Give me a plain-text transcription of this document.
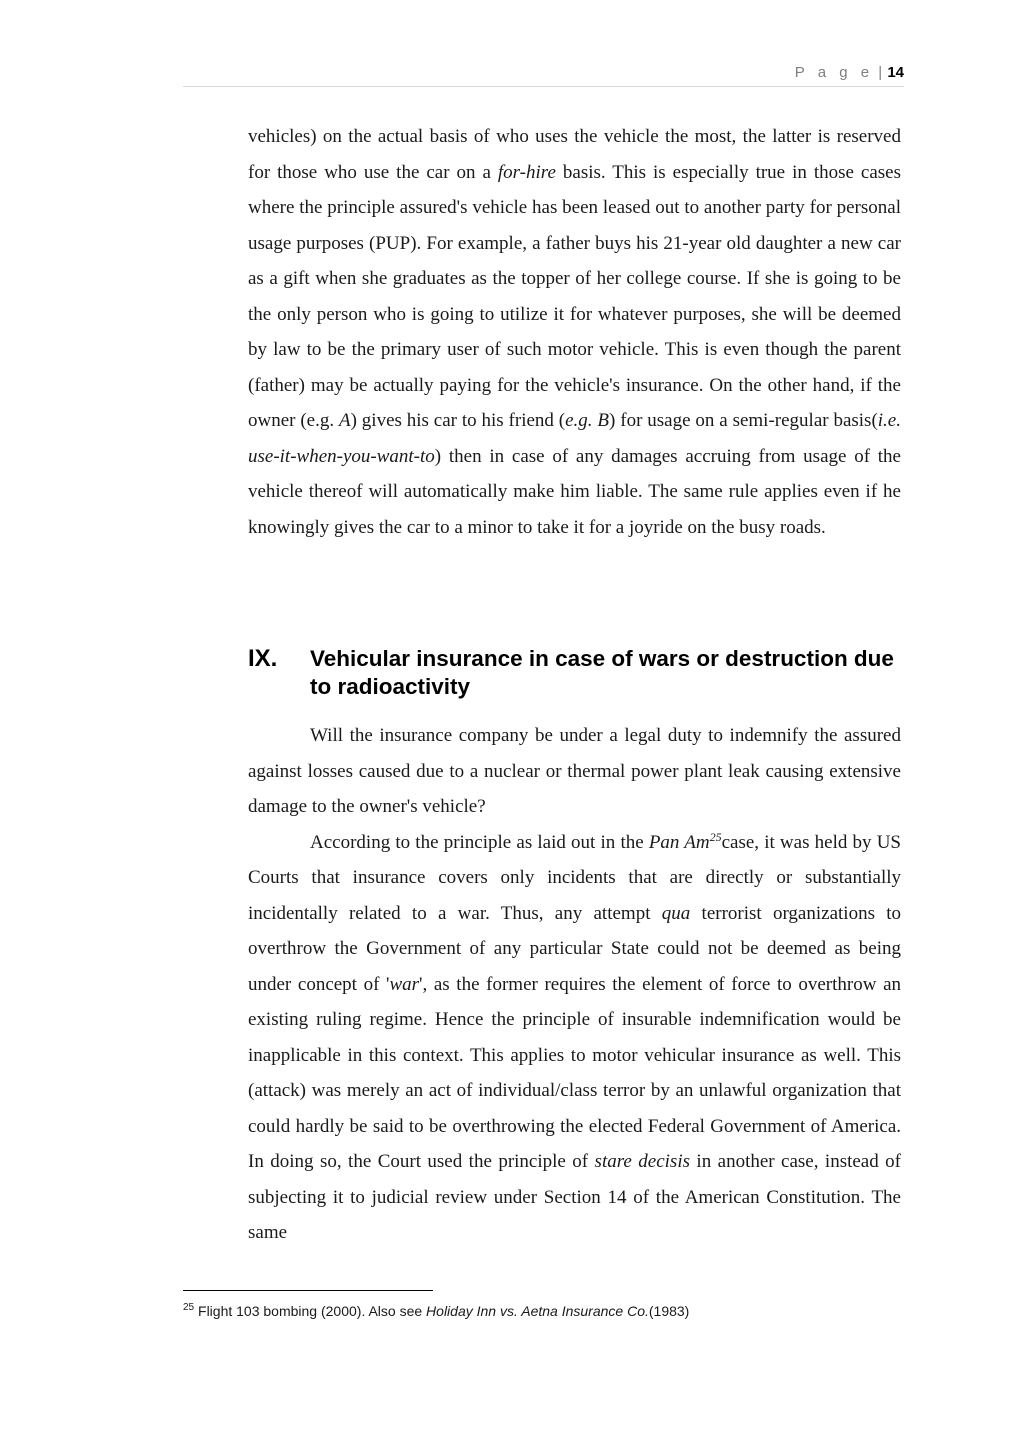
P a g e | 14

vehicles) on the actual basis of who uses the vehicle the most, the latter is reserved for those who use the car on a for-hire basis. This is especially true in those cases where the principle assured's vehicle has been leased out to another party for personal usage purposes (PUP). For example, a father buys his 21-year old daughter a new car as a gift when she graduates as the topper of her college course. If she is going to be the only person who is going to utilize it for whatever purposes, she will be deemed by law to be the primary user of such motor vehicle. This is even though the parent (father) may be actually paying for the vehicle's insurance. On the other hand, if the owner (e.g. A) gives his car to his friend (e.g. B) for usage on a semi-regular basis(i.e. use-it-when-you-want-to) then in case of any damages accruing from usage of the vehicle thereof will automatically make him liable. The same rule applies even if he knowingly gives the car to a minor to take it for a joyride on the busy roads.

IX. Vehicular insurance in case of wars or destruction due to radioactivity

Will the insurance company be under a legal duty to indemnify the assured against losses caused due to a nuclear or thermal power plant leak causing extensive damage to the owner's vehicle?

According to the principle as laid out in the Pan Am$^{25}$case, it was held by US Courts that insurance covers only incidents that are directly or substantially incidentally related to a war. Thus, any attempt qua terrorist organizations to overthrow the Government of any particular State could not be deemed as being under concept of 'war', as the former requires the element of force to overthrow an existing ruling regime. Hence the principle of insurable indemnification would be inapplicable in this context. This applies to motor vehicular insurance as well. This (attack) was merely an act of individual/class terror by an unlawful organization that could hardly be said to be overthrowing the elected Federal Government of America. In doing so, the Court used the principle of stare decisis in another case, instead of subjecting it to judicial review under Section 14 of the American Constitution. The same

$^{25}$ Flight 103 bombing (2000). Also see Holiday Inn vs. Aetna Insurance Co.(1983)
